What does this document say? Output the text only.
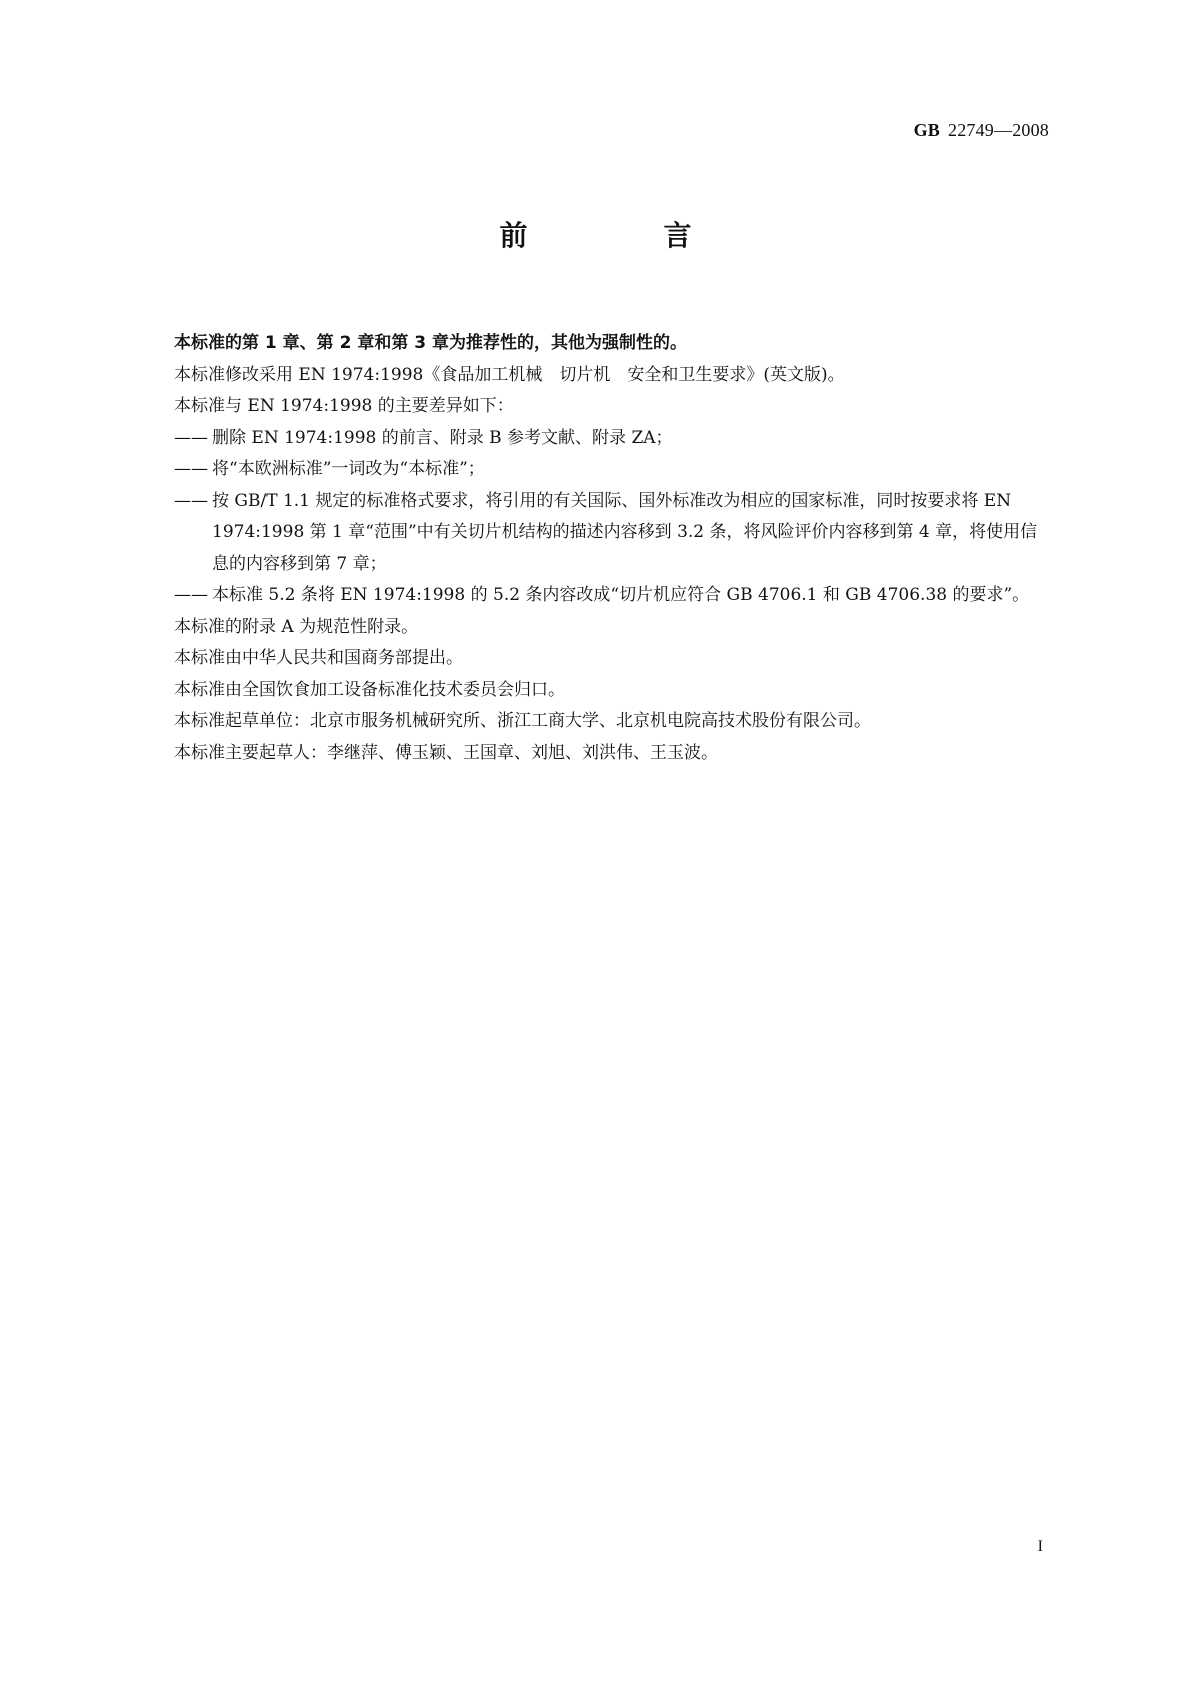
GB 22749—2008
前　言

本标准的第 1 章、第 2 章和第 3 章为推荐性的，其他为强制性的。

本标准修改采用 EN 1974:1998《食品加工机械　切片机　安全和卫生要求》(英文版)。

本标准与 EN 1974:1998 的主要差异如下：

—— 删除 EN 1974:1998 的前言、附录 B 参考文献、附录 ZA；

—— 将“本欧洲标准”一词改为“本标准”；

—— 按 GB/T 1.1 规定的标准格式要求，将引用的有关国际、国外标准改为相应的国家标准，同时按要求将 EN 1974:1998 第 1 章“范围”中有关切片机结构的描述内容移到 3.2 条，将风险评价内容移到第 4 章，将使用信息的内容移到第 7 章；

—— 本标准 5.2 条将 EN 1974:1998 的 5.2 条内容改成“切片机应符合 GB 4706.1 和 GB 4706.38 的要求”。

本标准的附录 A 为规范性附录。

本标准由中华人民共和国商务部提出。

本标准由全国饮食加工设备标准化技术委员会归口。

本标准起草单位：北京市服务机械研究所、浙江工商大学、北京机电院高技术股份有限公司。

本标准主要起草人：李继萍、傅玉颖、王国章、刘旭、刘洪伟、王玉波。

I
